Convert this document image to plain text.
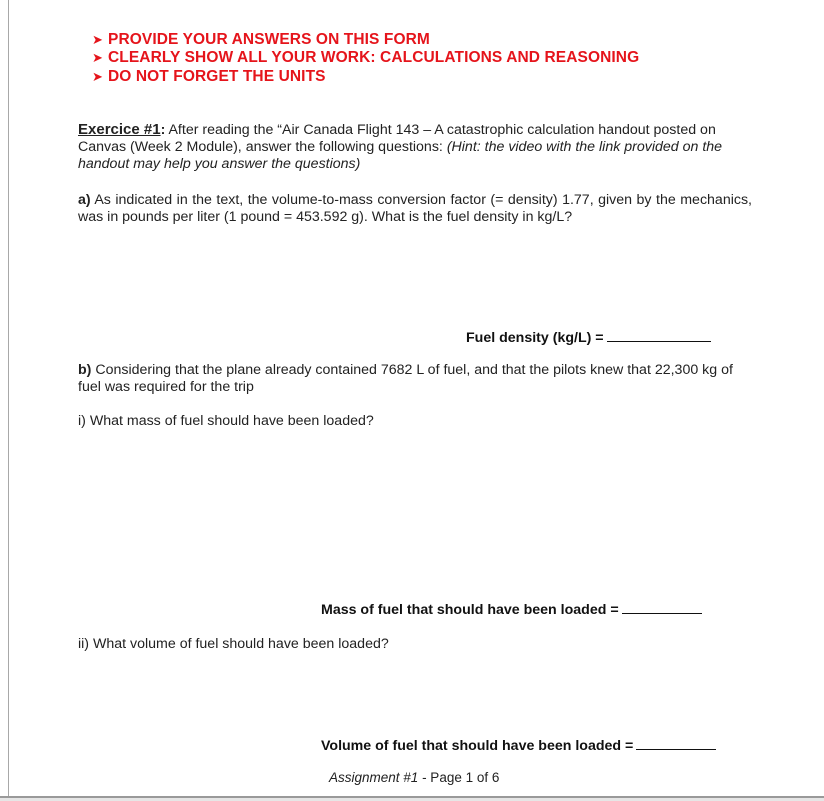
➤ PROVIDE YOUR ANSWERS ON THIS FORM
➤ CLEARLY SHOW ALL YOUR WORK: CALCULATIONS AND REASONING
➤ DO NOT FORGET THE UNITS
Exercice #1: After reading the “Air Canada Flight 143 – A catastrophic calculation handout posted on Canvas (Week 2 Module), answer the following questions: (Hint: the video with the link provided on the handout may help you answer the questions)
a) As indicated in the text, the volume-to-mass conversion factor (= density) 1.77, given by the mechanics, was in pounds per liter (1 pound = 453.592 g). What is the fuel density in kg/L?
Fuel density (kg/L) =
b) Considering that the plane already contained 7682 L of fuel, and that the pilots knew that 22,300 kg of fuel was required for the trip
i) What mass of fuel should have been loaded?
Mass of fuel that should have been loaded =
ii) What volume of fuel should have been loaded?
Volume of fuel that should have been loaded =
Assignment #1 - Page 1 of 6
